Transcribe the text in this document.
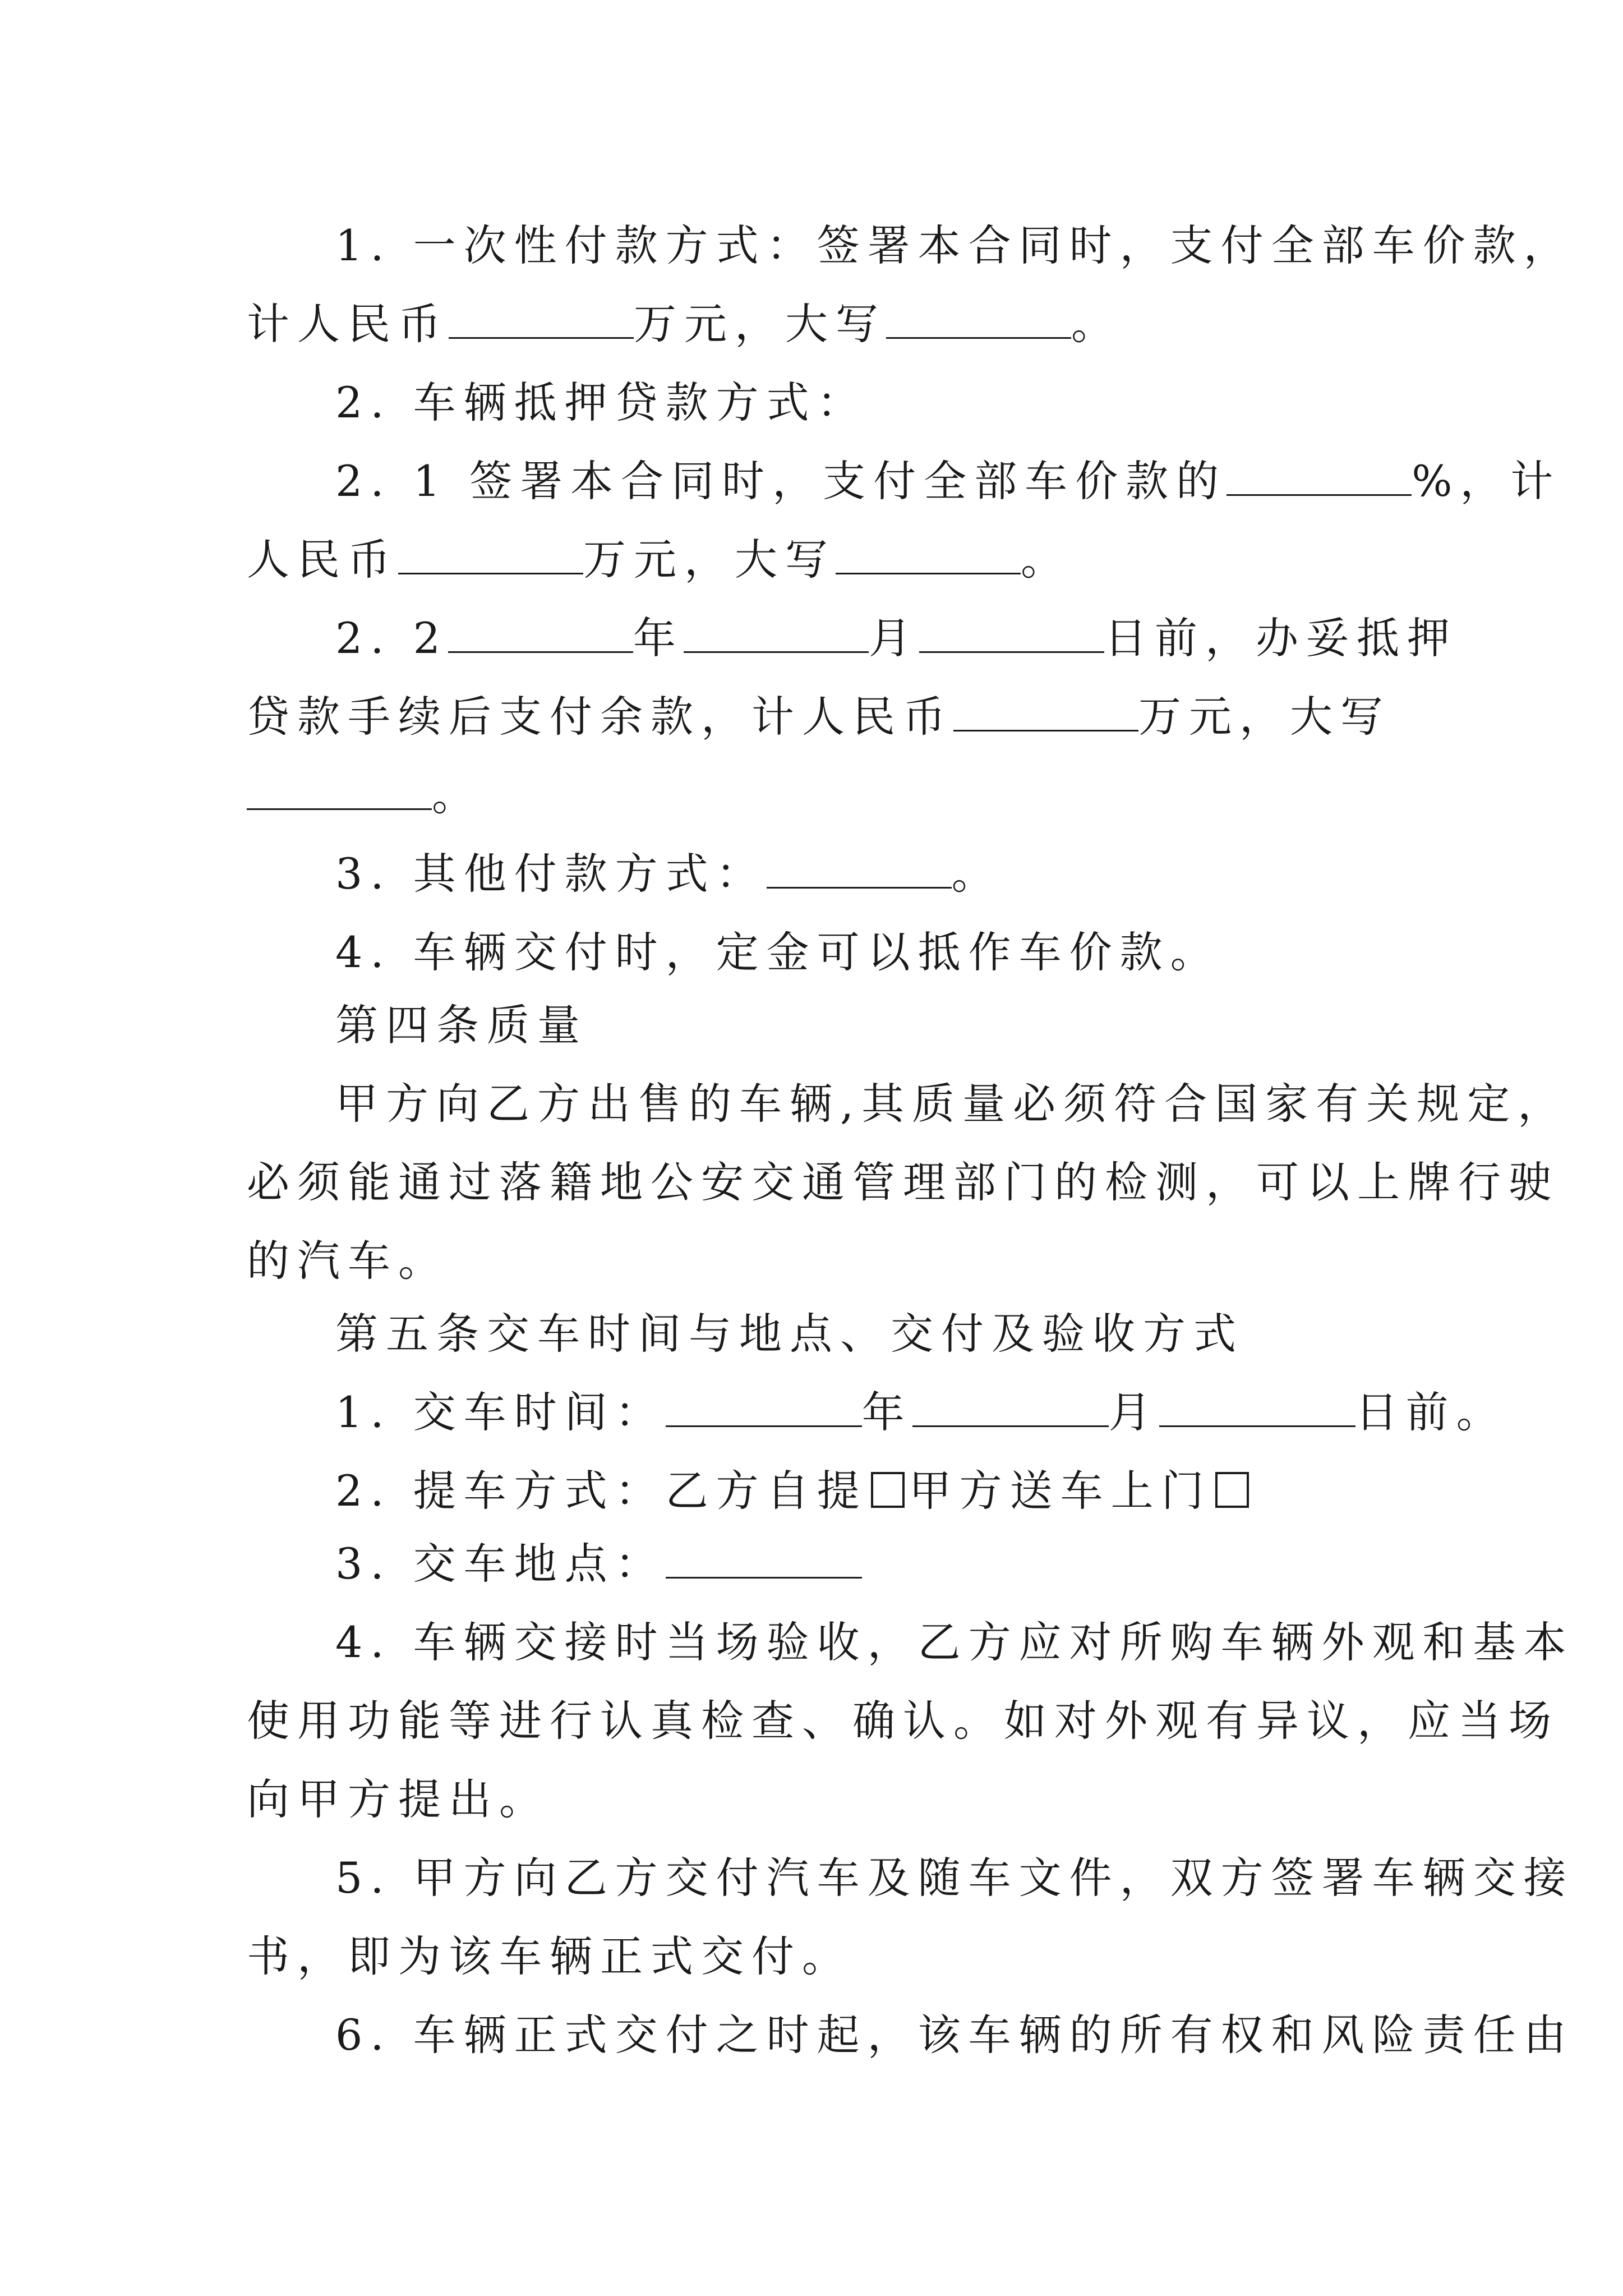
1. 一次性付款方式：签署本合同时，支付全部车价款，
计人民币	万元，大写	。
2. 车辆抵押贷款方式：
2. 1 签署本合同时，支付全部车价款的	%，计
人民币	万元，大写	。
2. 2	年	月	日前，办妥抵押
贷款手续后支付余款，计人民币	万元，大写
。
3. 其他付款方式：	。
4. 车辆交付时，定金可以抵作车价款。
第四条质量
甲方向乙方出售的车辆,其质量必须符合国家有关规定，
必须能通过落籍地公安交通管理部门的检测，可以上牌行驶
的汽车。
第五条交车时间与地点、交付及验收方式
1. 交车时间：	年	月	日前。
2. 提车方式：乙方自提 甲方送车上门
3. 交车地点：
4. 车辆交接时当场验收，乙方应对所购车辆外观和基本
使用功能等进行认真检查、确认。如对外观有异议，应当场
向甲方提出。
5. 甲方向乙方交付汽车及随车文件，双方签署车辆交接
书，即为该车辆正式交付。
6. 车辆正式交付之时起，该车辆的所有权和风险责任由
